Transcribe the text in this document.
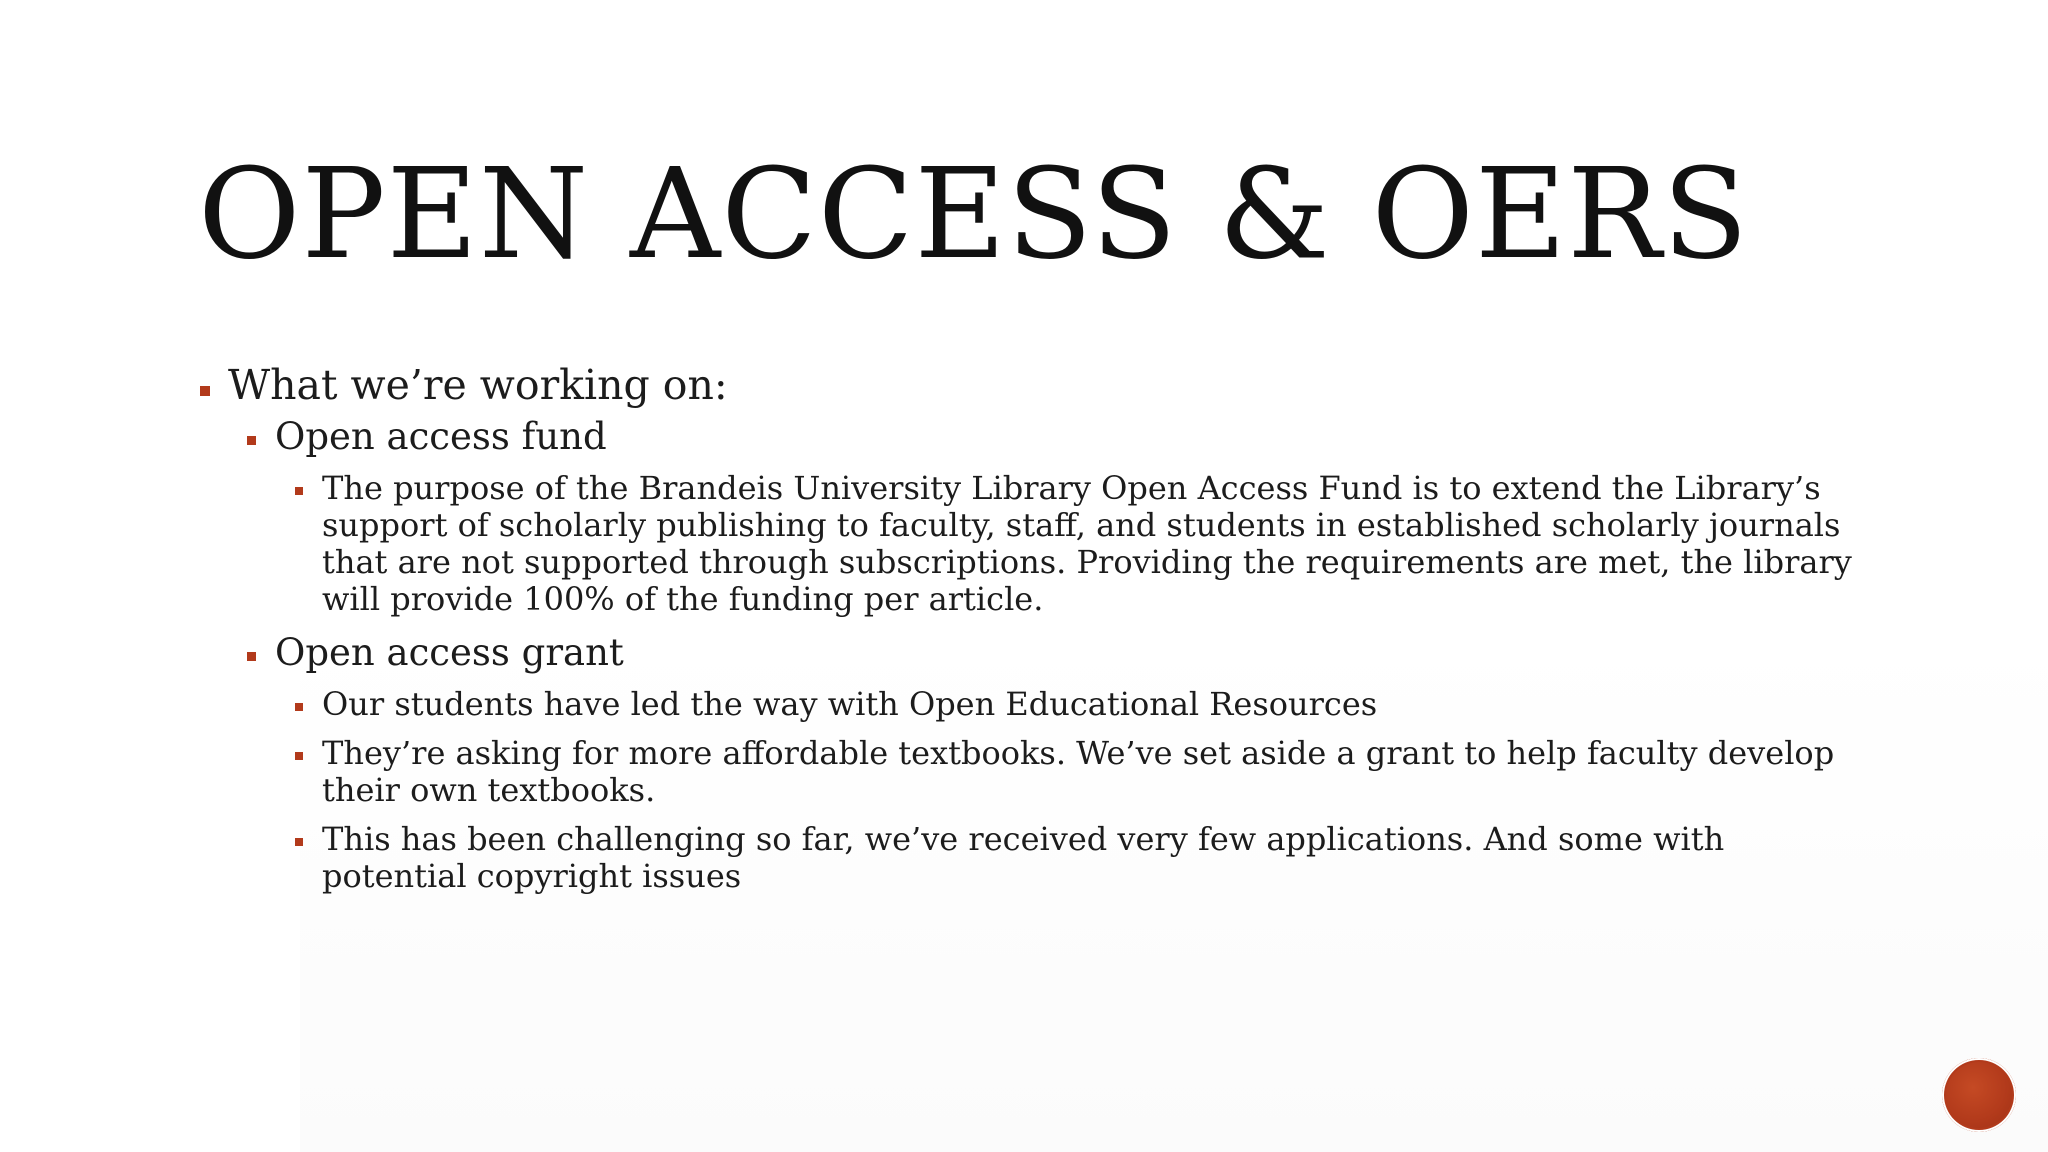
OPEN ACCESS & OERS
What we’re working on:
Open access fund
The purpose of the Brandeis University Library Open Access Fund is to extend the Library’s support of scholarly publishing to faculty, staff, and students in established scholarly journals that are not supported through subscriptions. Providing the requirements are met, the library will provide 100% of the funding per article.
Open access grant
Our students have led the way with Open Educational Resources
They’re asking for more affordable textbooks. We’ve set aside a grant to help faculty develop their own textbooks.
This has been challenging so far, we’ve received very few applications. And some with potential copyright issues
